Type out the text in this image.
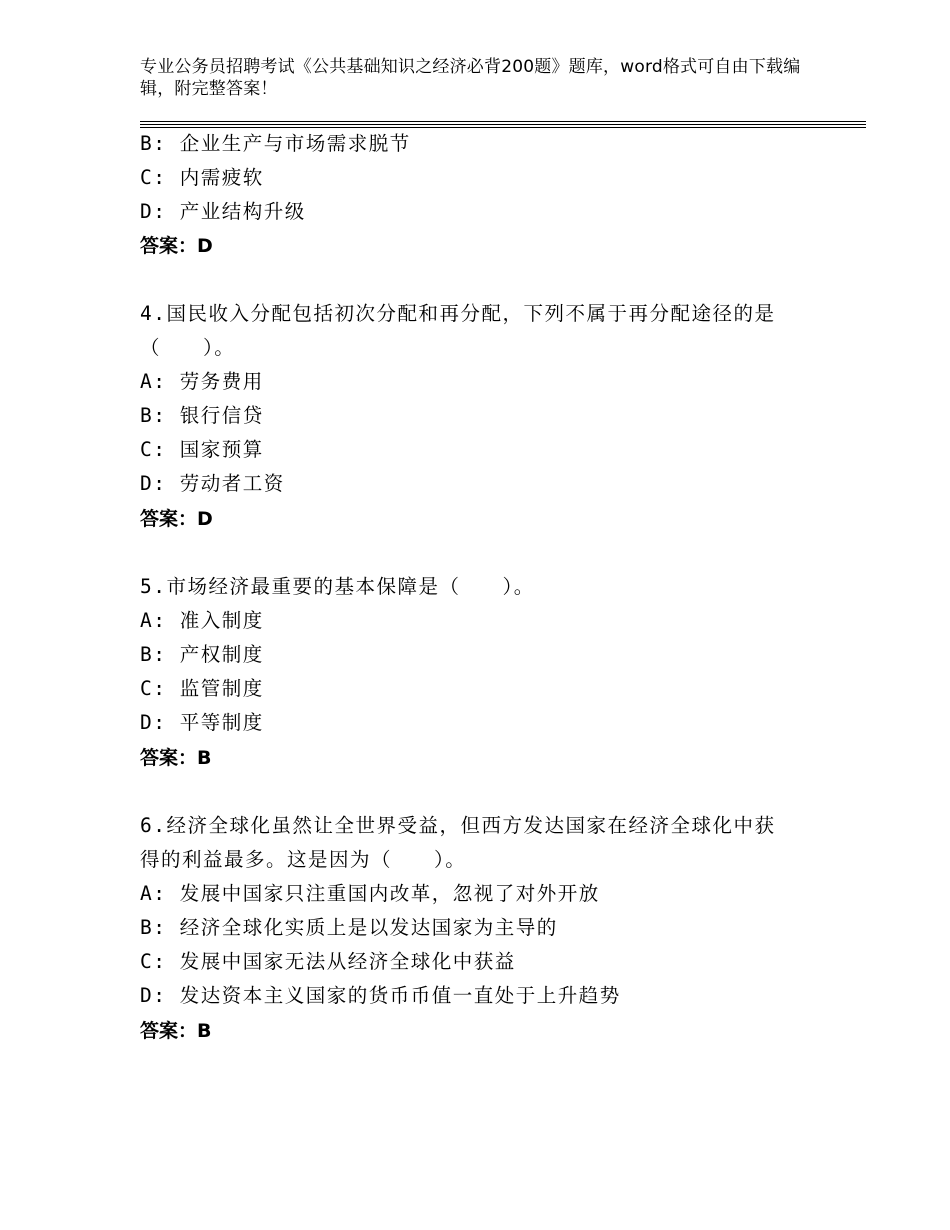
专业公务员招聘考试《公共基础知识之经济必背200题》题库，word格式可自由下载编辑，附完整答案！
B: 企业生产与市场需求脱节
C: 内需疲软
D: 产业结构升级
答案：D
4.国民收入分配包括初次分配和再分配，下列不属于再分配途径的是
（　　）。
A: 劳务费用
B: 银行信贷
C: 国家预算
D: 劳动者工资
答案：D
5.市场经济最重要的基本保障是（　　）。
A: 准入制度
B: 产权制度
C: 监管制度
D: 平等制度
答案：B
6.经济全球化虽然让全世界受益，但西方发达国家在经济全球化中获
得的利益最多。这是因为（　　）。
A: 发展中国家只注重国内改革，忽视了对外开放
B: 经济全球化实质上是以发达国家为主导的
C: 发展中国家无法从经济全球化中获益
D: 发达资本主义国家的货币币值一直处于上升趋势
答案：B
